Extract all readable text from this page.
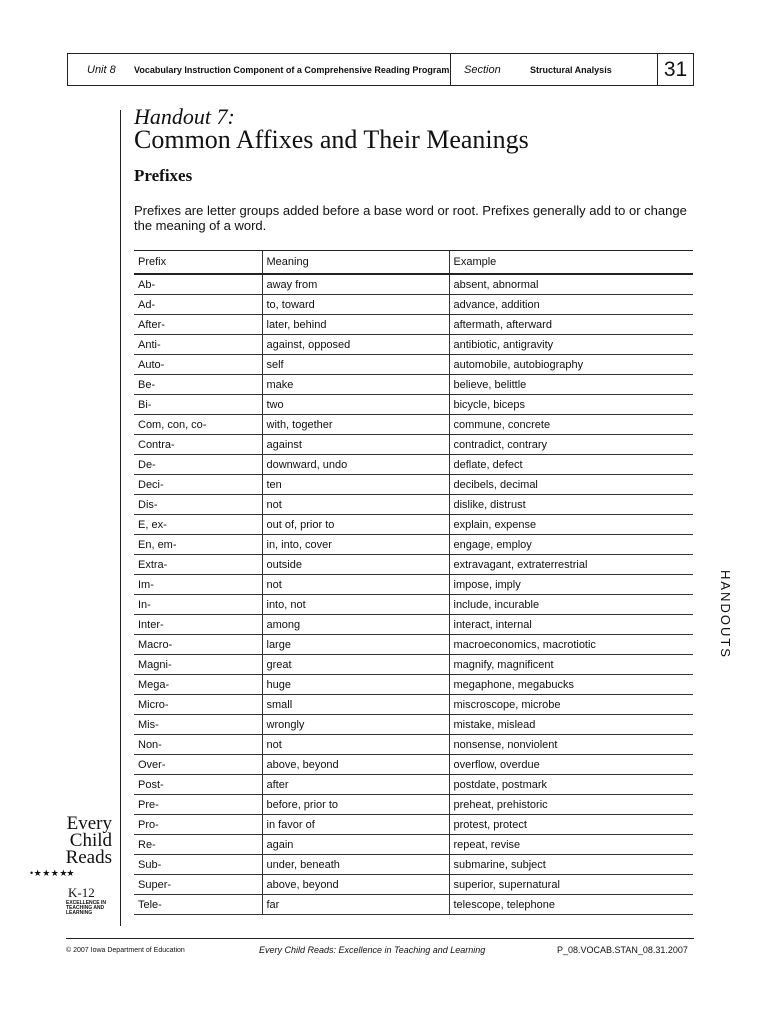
Unit 8	Vocabulary Instruction Component of a Comprehensive Reading Program	Section	Structural Analysis	31
Handout 7:
Common Affixes and Their Meanings
Prefixes
Prefixes are letter groups added before a base word or root. Prefixes generally add to or change the meaning of a word.
Prefix	Meaning	Example
Ab-	away from	absent, abnormal
Ad-	to, toward	advance, addition
After-	later, behind	aftermath, afterward
Anti-	against, opposed	antibiotic, antigravity
Auto-	self	automobile, autobiography
Be-	make	believe, belittle
Bi-	two	bicycle, biceps
Com, con, co-	with, together	commune, concrete
Contra-	against	contradict, contrary
De-	downward, undo	deflate, defect
Deci-	ten	decibels, decimal
Dis-	not	dislike, distrust
E, ex-	out of, prior to	explain, expense
En, em-	in, into, cover	engage, employ
Extra-	outside	extravagant, extraterrestrial
Im-	not	impose, imply
In-	into, not	include, incurable
Inter-	among	interact, internal
Macro-	large	macroeconomics, macrotiotic
Magni-	great	magnify, magnificent
Mega-	huge	megaphone, megabucks
Micro-	small	miscroscope, microbe
Mis-	wrongly	mistake, mislead
Non-	not	nonsense, nonviolent
Over-	above, beyond	overflow, overdue
Post-	after	postdate, postmark
Pre-	before, prior to	preheat, prehistoric
Pro-	in favor of	protest, protect
Re-	again	repeat, revise
Sub-	under, beneath	submarine, subject
Super-	above, beyond	superior, supernatural
Tele-	far	telescope, telephone
HANDOUTS
Every
Child
Reads
• ★ ★ ★ ★★
K-12
EXCELLENCE IN TEACHING AND LEARNING
© 2007 Iowa Department of Education	Every Child Reads: Excellence in Teaching and Learning	P_08.VOCAB.STAN_08.31.2007
